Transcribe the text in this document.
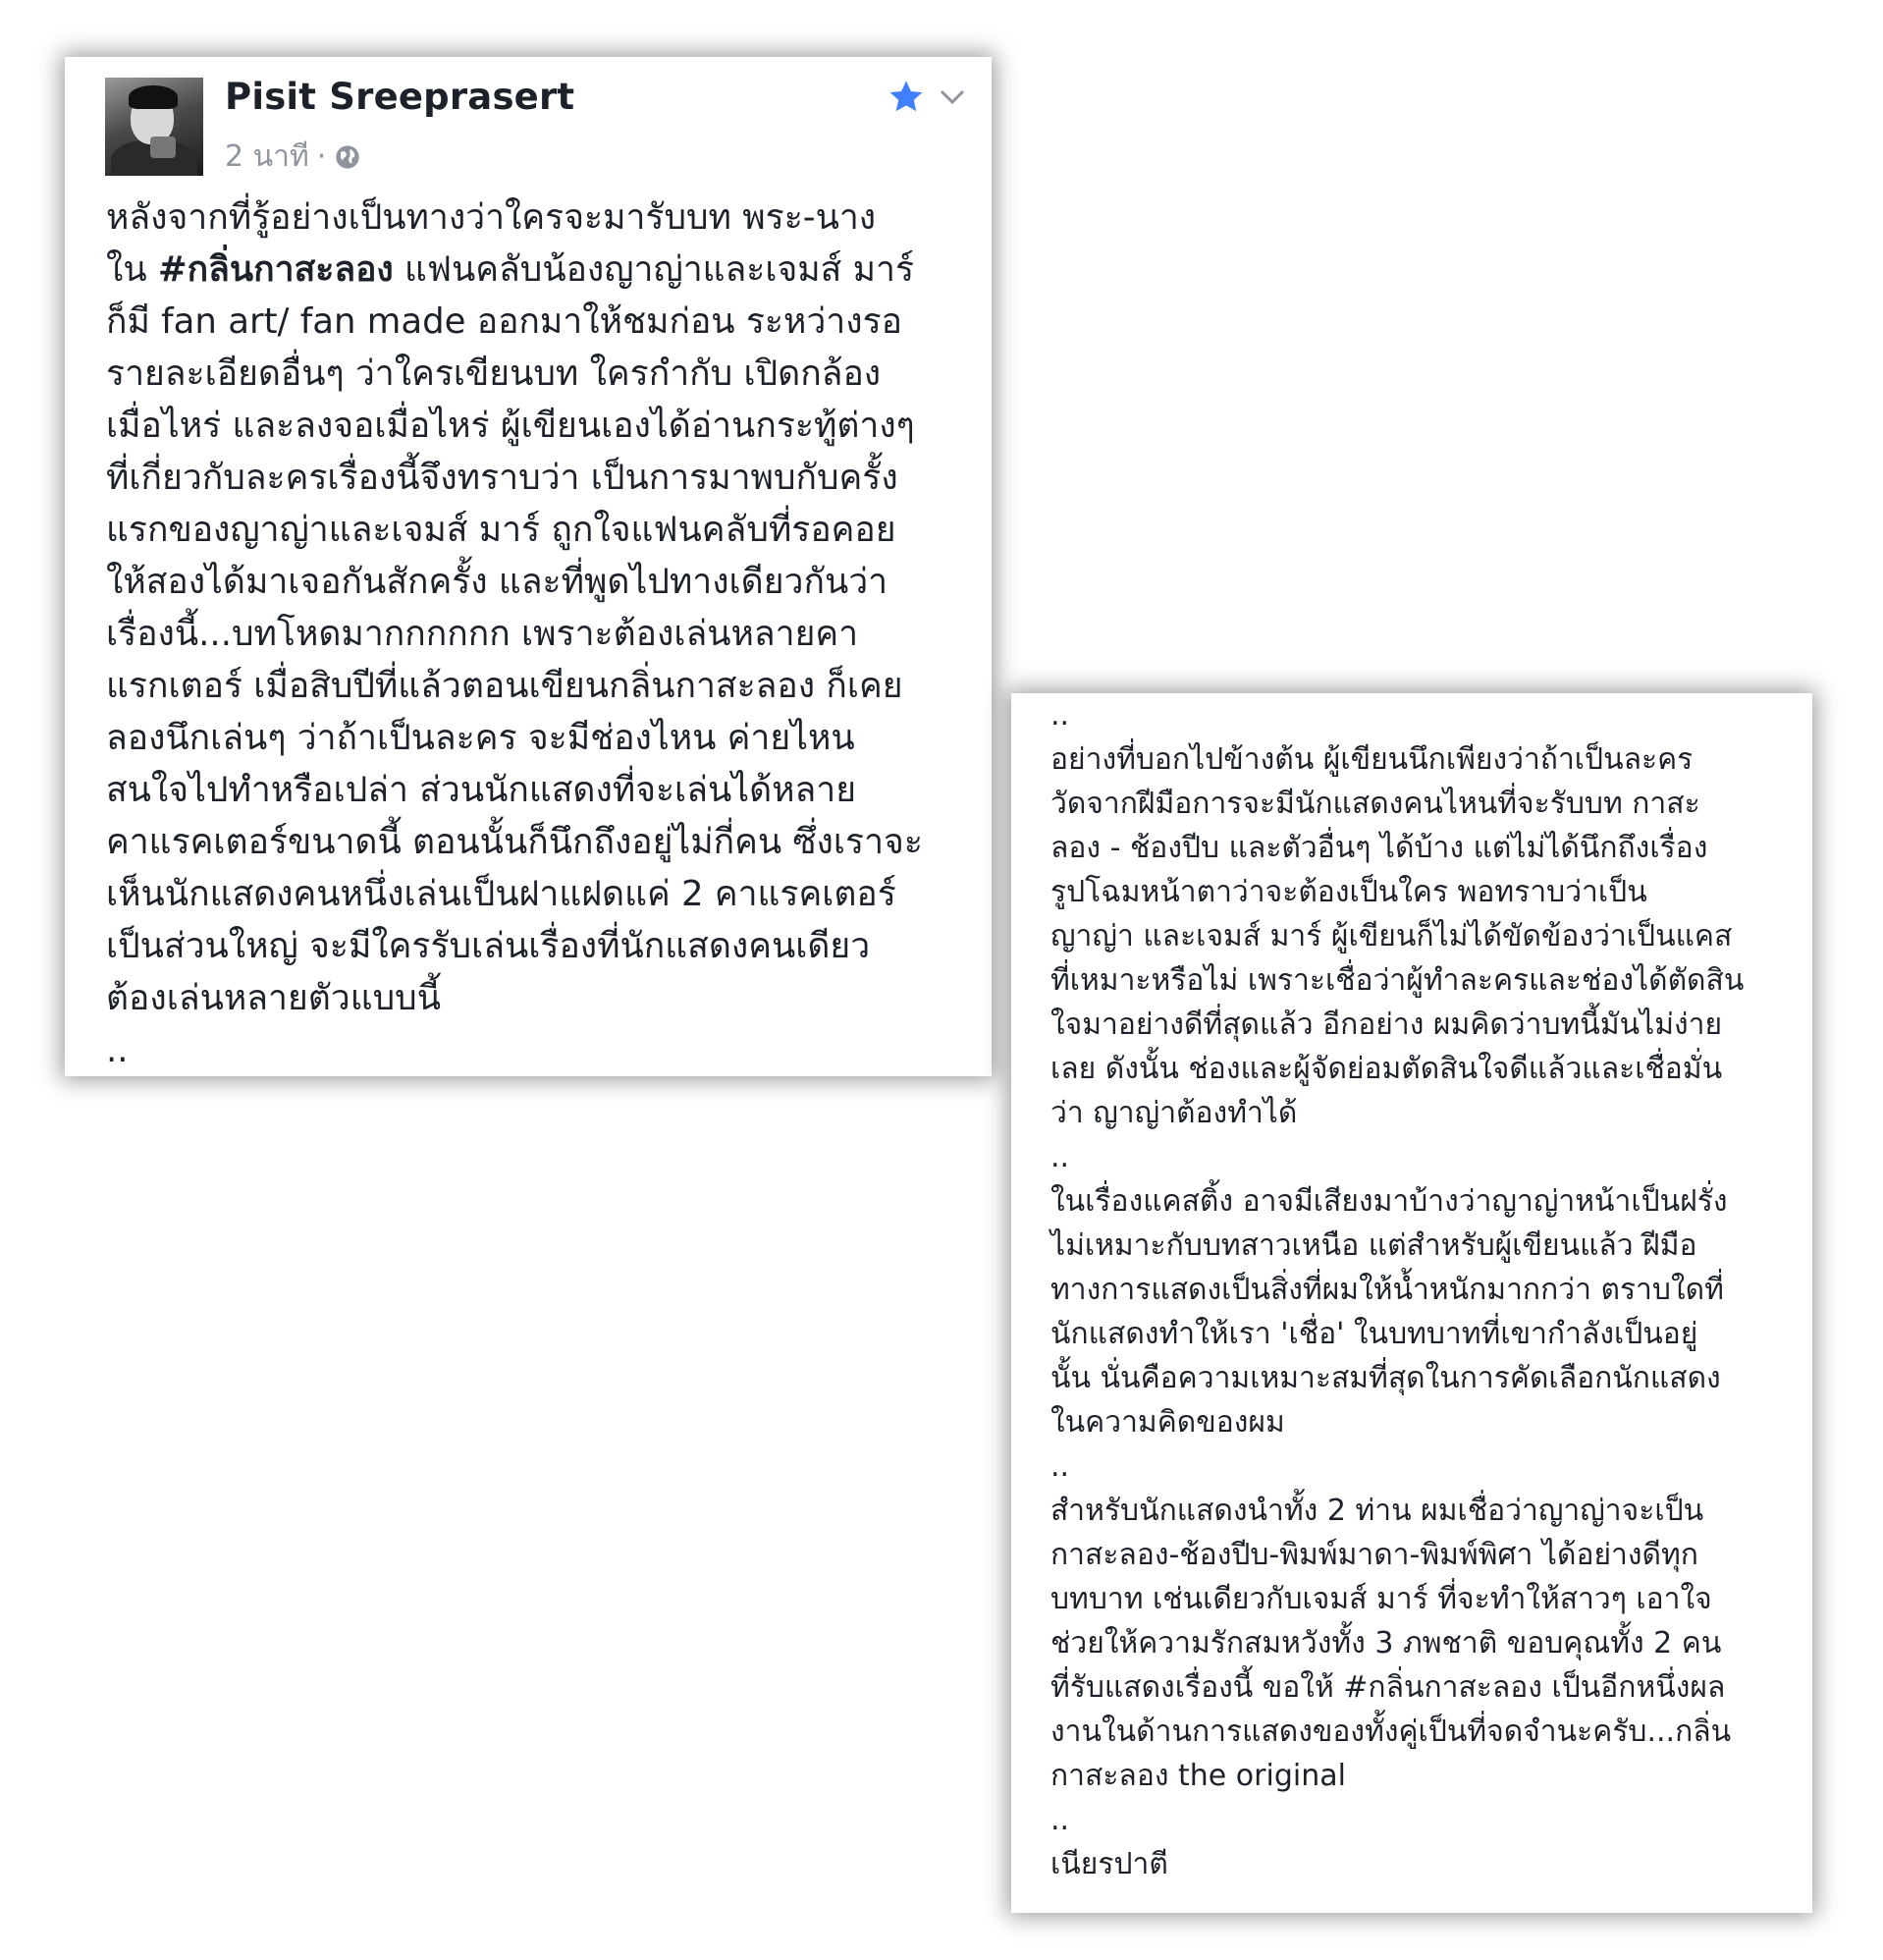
Pisit Sreeprasert
2 นาที ·
หลังจากที่รู้อย่างเป็นทางว่าใครจะมารับบท พระ-นาง
ใน #กลิ่นกาสะลอง แฟนคลับน้องญาญ่าและเจมส์ มาร์
ก็มี fan art/ fan made ออกมาให้ชมก่อน ระหว่างรอ
รายละเอียดอื่นๆ ว่าใครเขียนบท ใครกำกับ เปิดกล้อง
เมื่อไหร่ และลงจอเมื่อไหร่ ผู้เขียนเองได้อ่านกระทู้ต่างๆ
ที่เกี่ยวกับละครเรื่องนี้จึงทราบว่า เป็นการมาพบกับครั้ง
แรกของญาญ่าและเจมส์ มาร์ ถูกใจแฟนคลับที่รอคอย
ให้สองได้มาเจอกันสักครั้ง และที่พูดไปทางเดียวกันว่า
เรื่องนี้...บทโหดมากกกกกก เพราะต้องเล่นหลายคา
แรกเตอร์ เมื่อสิบปีที่แล้วตอนเขียนกลิ่นกาสะลอง ก็เคย
ลองนึกเล่นๆ ว่าถ้าเป็นละคร จะมีช่องไหน ค่ายไหน
สนใจไปทำหรือเปล่า ส่วนนักแสดงที่จะเล่นได้หลาย
คาแรคเตอร์ขนาดนี้ ตอนนั้นก็นึกถึงอยู่ไม่กี่คน ซึ่งเราจะ
เห็นนักแสดงคนหนึ่งเล่นเป็นฝาแฝดแค่ 2 คาแรคเตอร์
เป็นส่วนใหญ่ จะมีใครรับเล่นเรื่องที่นักแสดงคนเดียว
ต้องเล่นหลายตัวแบบนี้
..
..
อย่างที่บอกไปข้างต้น ผู้เขียนนึกเพียงว่าถ้าเป็นละคร
วัดจากฝีมือการจะมีนักแสดงคนไหนที่จะรับบท กาสะ
ลอง - ช้องปีบ และตัวอื่นๆ ได้บ้าง แต่ไม่ได้นึกถึงเรื่อง
รูปโฉมหน้าตาว่าจะต้องเป็นใคร พอทราบว่าเป็น
ญาญ่า และเจมส์ มาร์ ผู้เขียนก็ไม่ได้ขัดข้องว่าเป็นแคส
ที่เหมาะหรือไม่ เพราะเชื่อว่าผู้ทำละครและช่องได้ตัดสิน
ใจมาอย่างดีที่สุดแล้ว อีกอย่าง ผมคิดว่าบทนี้มันไม่ง่าย
เลย ดังนั้น ช่องและผู้จัดย่อมตัดสินใจดีแล้วและเชื่อมั่น
ว่า ญาญ่าต้องทำได้
..
ในเรื่องแคสติ้ง อาจมีเสียงมาบ้างว่าญาญ่าหน้าเป็นฝรั่ง
ไม่เหมาะกับบทสาวเหนือ แต่สำหรับผู้เขียนแล้ว ฝีมือ
ทางการแสดงเป็นสิ่งที่ผมให้น้ำหนักมากกว่า ตราบใดที่
นักแสดงทำให้เรา 'เชื่อ' ในบทบาทที่เขากำลังเป็นอยู่
นั้น นั่นคือความเหมาะสมที่สุดในการคัดเลือกนักแสดง
ในความคิดของผม
..
สำหรับนักแสดงนำทั้ง 2 ท่าน ผมเชื่อว่าญาญ่าจะเป็น
กาสะลอง-ช้องปีบ-พิมพ์มาดา-พิมพ์พิศา ได้อย่างดีทุก
บทบาท เช่นเดียวกับเจมส์ มาร์ ที่จะทำให้สาวๆ เอาใจ
ช่วยให้ความรักสมหวังทั้ง 3 ภพชาติ ขอบคุณทั้ง 2 คน
ที่รับแสดงเรื่องนี้ ขอให้ #กลิ่นกาสะลอง เป็นอีกหนึ่งผล
งานในด้านการแสดงของทั้งคู่เป็นที่จดจำนะครับ...กลิ่น
กาสะลอง the original
..
เนียรปาตี
